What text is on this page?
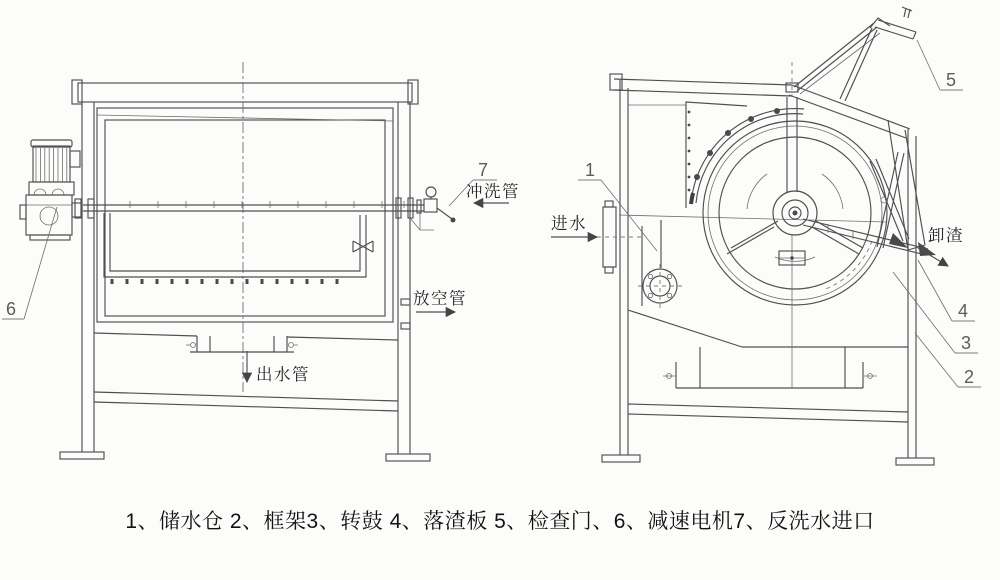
7
冲洗管
放空管
出水管
6
进水
1
卸渣
5
4
3
2
1、储水仓 2、框架3、转鼓 4、落渣板 5、检查门、6、减速电机7、反洗水进口
